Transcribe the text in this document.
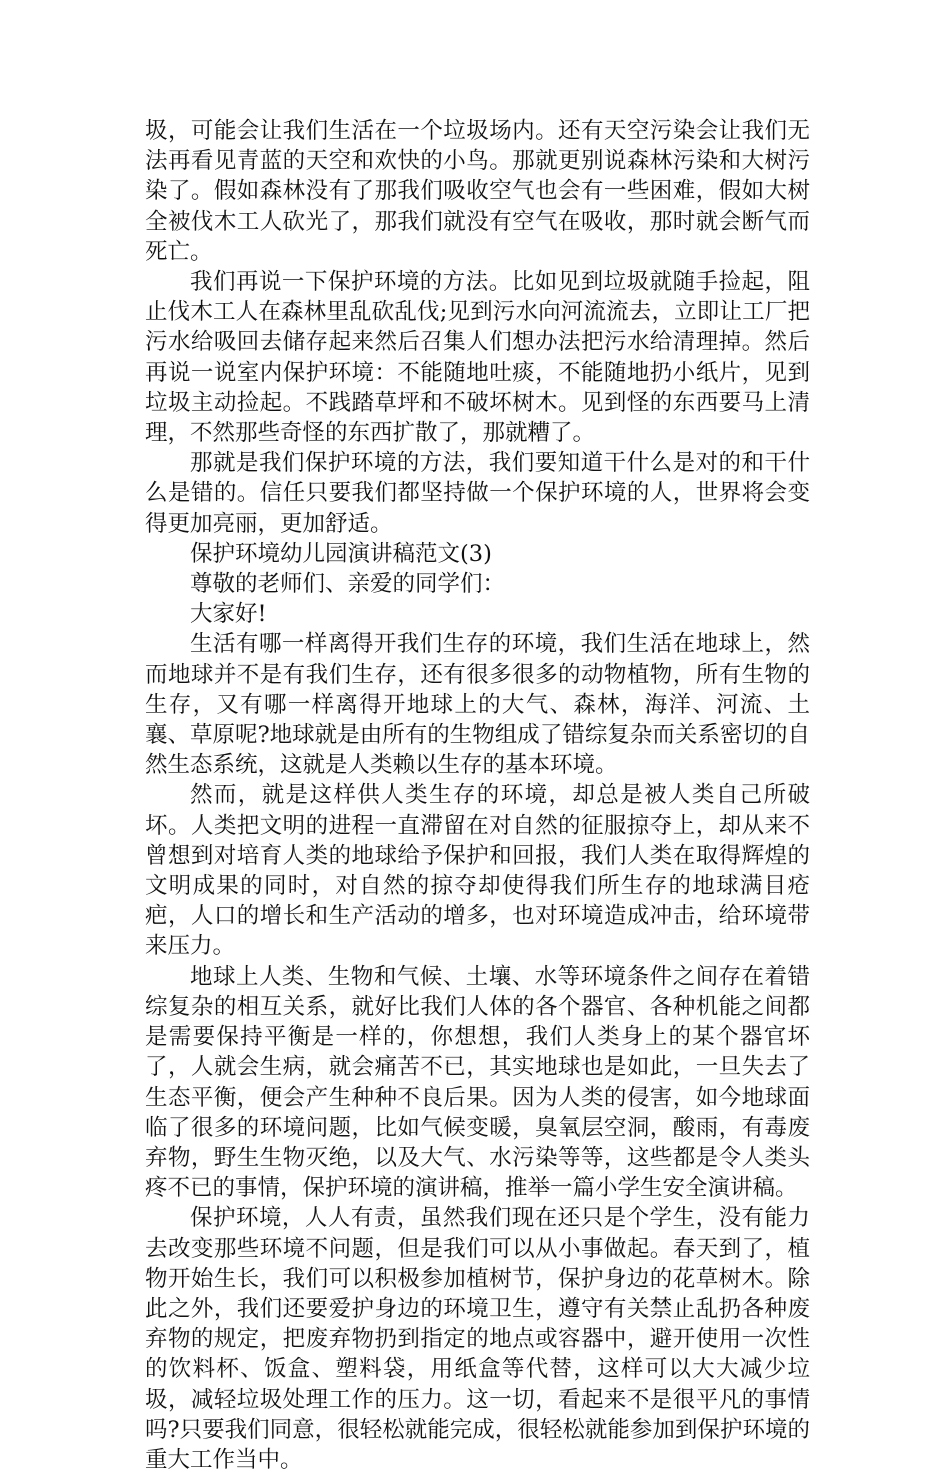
圾，可能会让我们生活在一个垃圾场内。还有天空污染会让我们无法再看见青蓝的天空和欢快的小鸟。那就更别说森林污染和大树污染了。假如森林没有了那我们吸收空气也会有一些困难，假如大树全被伐木工人砍光了，那我们就没有空气在吸收，那时就会断气而死亡。

我们再说一下保护环境的方法。比如见到垃圾就随手捡起，阻止伐木工人在森林里乱砍乱伐;见到污水向河流流去，立即让工厂把污水给吸回去储存起来然后召集人们想办法把污水给清理掉。然后再说一说室内保护环境：不能随地吐痰，不能随地扔小纸片，见到垃圾主动捡起。不践踏草坪和不破坏树木。见到怪的东西要马上清理，不然那些奇怪的东西扩散了，那就糟了。

那就是我们保护环境的方法，我们要知道干什么是对的和干什么是错的。信任只要我们都坚持做一个保护环境的人，世界将会变得更加亮丽，更加舒适。

保护环境幼儿园演讲稿范文(3)

尊敬的老师们、亲爱的同学们：

大家好!

生活有哪一样离得开我们生存的环境，我们生活在地球上，然而地球并不是有我们生存，还有很多很多的动物植物，所有生物的生存，又有哪一样离得开地球上的大气、森林，海洋、河流、土襄、草原呢?地球就是由所有的生物组成了错综复杂而关系密切的自然生态系统，这就是人类赖以生存的基本环境。

然而，就是这样供人类生存的环境，却总是被人类自己所破坏。人类把文明的进程一直滞留在对自然的征服掠夺上，却从来不曾想到对培育人类的地球给予保护和回报，我们人类在取得辉煌的文明成果的同时，对自然的掠夺却使得我们所生存的地球满目疮疤，人口的增长和生产活动的增多，也对环境造成冲击，给环境带来压力。

地球上人类、生物和气候、土壤、水等环境条件之间存在着错综复杂的相互关系，就好比我们人体的各个器官、各种机能之间都是需要保持平衡是一样的，你想想，我们人类身上的某个器官坏了，人就会生病，就会痛苦不已，其实地球也是如此，一旦失去了生态平衡，便会产生种种不良后果。因为人类的侵害，如今地球面临了很多的环境问题，比如气候变暖，臭氧层空洞，酸雨，有毒废弃物，野生生物灭绝，以及大气、水污染等等，这些都是令人类头疼不已的事情，保护环境的演讲稿，推举一篇小学生安全演讲稿。

保护环境，人人有责，虽然我们现在还只是个学生，没有能力去改变那些环境不问题，但是我们可以从小事做起。春天到了，植物开始生长，我们可以积极参加植树节，保护身边的花草树木。除此之外，我们还要爱护身边的环境卫生，遵守有关禁止乱扔各种废弃物的规定，把废弃物扔到指定的地点或容器中，避开使用一次性的饮料杯、饭盒、塑料袋，用纸盒等代替，这样可以大大减少垃圾，减轻垃圾处理工作的压力。这一切，看起来不是很平凡的事情吗?只要我们同意，很轻松就能完成，很轻松就能参加到保护环境的重大工作当中。
